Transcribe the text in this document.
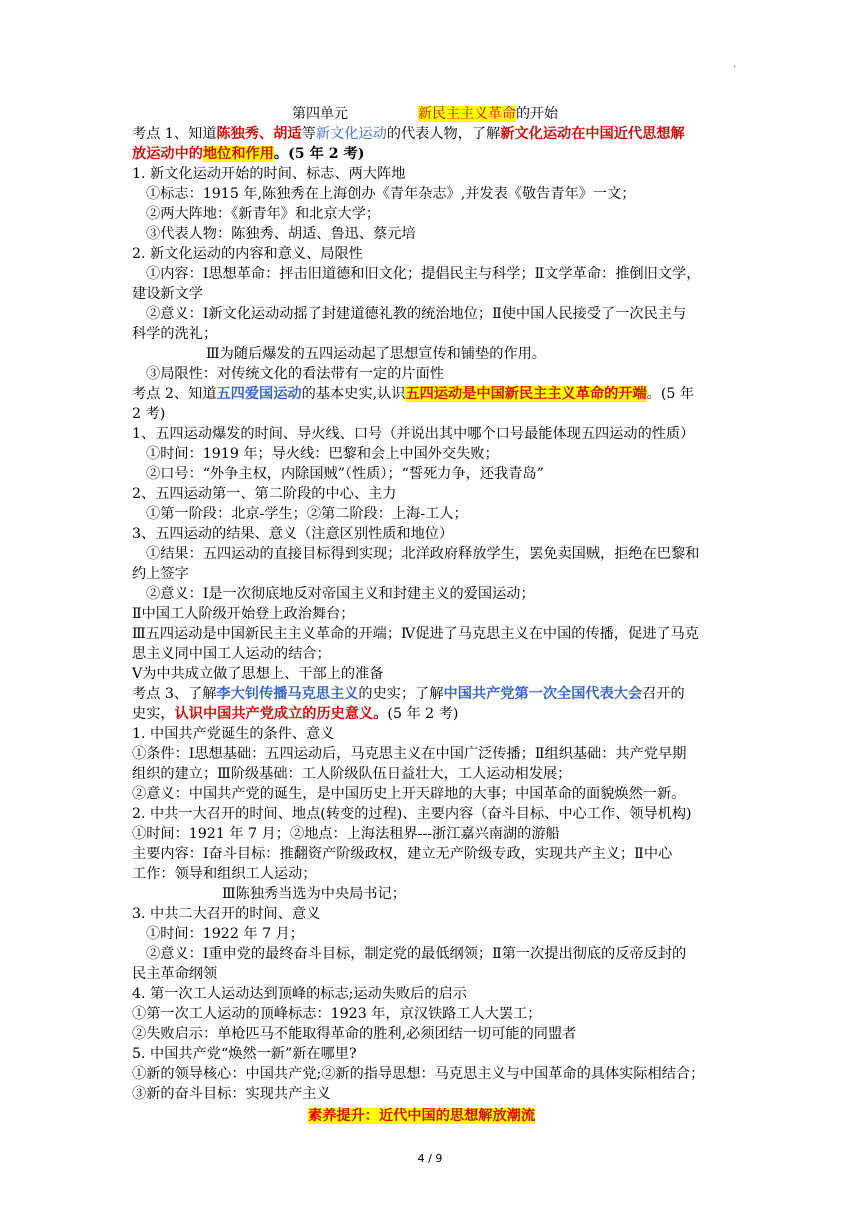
·
第四单元	新民主主义革命的开始
考点 1、知道陈独秀、胡适等新文化运动的代表人物，了解新文化运动在中国近代思想解
放运动中的地位和作用。(5 年 2 考)
1. 新文化运动开始的时间、标志、两大阵地
①标志：1915 年,陈独秀在上海创办《青年杂志》,并发表《敬告青年》一文；
②两大阵地：《新青年》和北京大学；
③代表人物：陈独秀、胡适、鲁迅、蔡元培
2. 新文化运动的内容和意义、局限性
①内容：Ⅰ思想革命：抨击旧道德和旧文化；提倡民主与科学；Ⅱ文学革命：推倒旧文学，
建设新文学
②意义：Ⅰ新文化运动动摇了封建道德礼教的统治地位；Ⅱ使中国人民接受了一次民主与
科学的洗礼；
Ⅲ为随后爆发的五四运动起了思想宣传和铺垫的作用。
③局限性：对传统文化的看法带有一定的片面性
考点 2、知道五四爱国运动的基本史实,认识五四运动是中国新民主主义革命的开端。(5 年
2 考)
1、五四运动爆发的时间、导火线、口号（并说出其中哪个口号最能体现五四运动的性质）
①时间：1919 年；导火线：巴黎和会上中国外交失败；
②口号：“外争主权，内除国贼”（性质）；“誓死力争，还我青岛”
2、五四运动第一、第二阶段的中心、主力
①第一阶段：北京-学生；②第二阶段：上海-工人；
3、五四运动的结果、意义（注意区别性质和地位）
①结果：五四运动的直接目标得到实现；北洋政府释放学生，罢免卖国贼，拒绝在巴黎和
约上签字
②意义：Ⅰ是一次彻底地反对帝国主义和封建主义的爱国运动；
Ⅱ中国工人阶级开始登上政治舞台；
Ⅲ五四运动是中国新民主主义革命的开端；Ⅳ促进了马克思主义在中国的传播，促进了马克
思主义同中国工人运动的结合；
Ⅴ为中共成立做了思想上、干部上的准备
考点 3、了解李大钊传播马克思主义的史实；了解中国共产党第一次全国代表大会召开的
史实，认识中国共产党成立的历史意义。(5 年 2 考)
1. 中国共产党诞生的条件、意义
①条件：Ⅰ思想基础：五四运动后，马克思主义在中国广泛传播；Ⅱ组织基础：共产党早期
组织的建立；Ⅲ阶级基础：工人阶级队伍日益壮大，工人运动相发展；
②意义：中国共产党的诞生，是中国历史上开天辟地的大事；中国革命的面貌焕然一新。
2. 中共一大召开的时间、地点(转变的过程)、主要内容（奋斗目标、中心工作、领导机构)
①时间：1921 年 7 月；②地点：上海法租界---浙江嘉兴南湖的游船
主要内容：Ⅰ奋斗目标：推翻资产阶级政权，建立无产阶级专政，实现共产主义；Ⅱ中心
工作：领导和组织工人运动；
Ⅲ陈独秀当选为中央局书记；
3. 中共二大召开的时间、意义
①时间：1922 年 7 月；
②意义：Ⅰ重申党的最终奋斗目标，制定党的最低纲领；Ⅱ第一次提出彻底的反帝反封的
民主革命纲领
4. 第一次工人运动达到顶峰的标志;运动失败后的启示
①第一次工人运动的顶峰标志：1923 年，京汉铁路工人大罢工；
②失败启示：单枪匹马不能取得革命的胜利,必须团结一切可能的同盟者
5. 中国共产党“焕然一新”新在哪里?
①新的领导核心：中国共产党;②新的指导思想：马克思主义与中国革命的具体实际相结合；
③新的奋斗目标：实现共产主义
素养提升：近代中国的思想解放潮流
4 / 9
